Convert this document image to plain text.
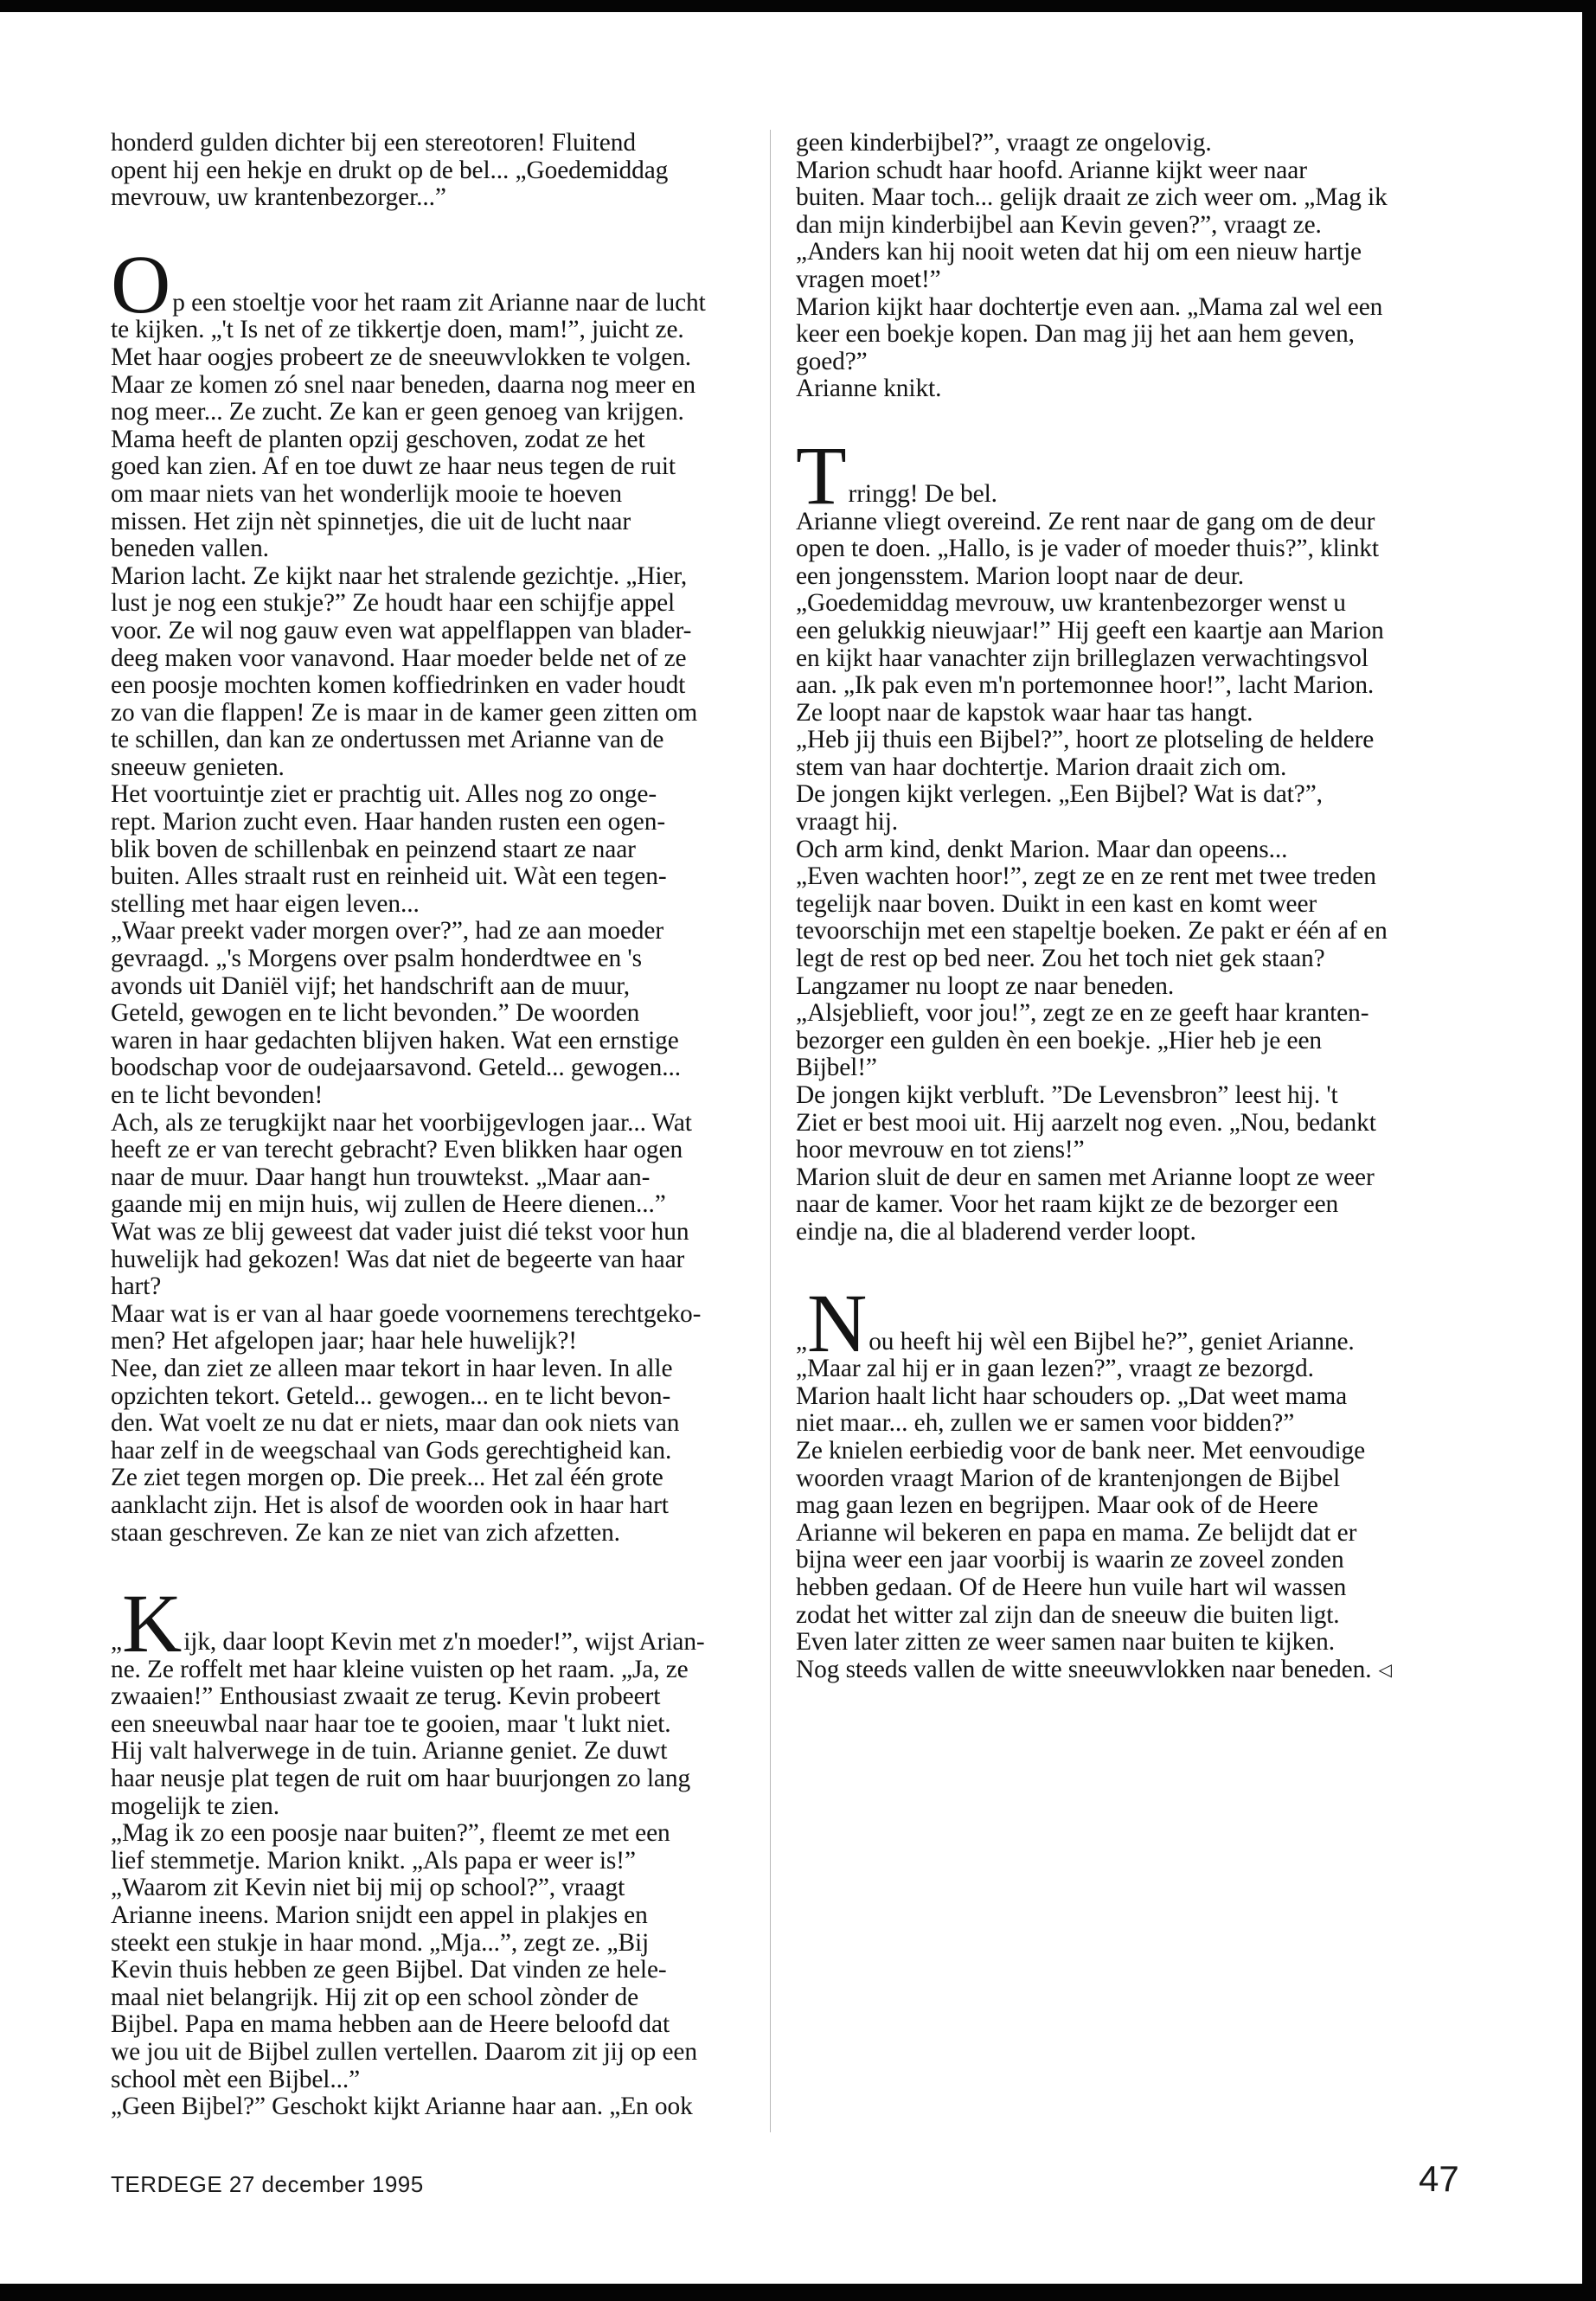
honderd gulden dichter bij een stereotoren! Fluitend
opent hij een hekje en drukt op de bel... „Goedemiddag
mevrouw, uw krantenbezorger...”
Op een stoeltje voor het raam zit Arianne naar de lucht
te kijken. „'t Is net of ze tikkertje doen, mam!”, juicht ze.
Met haar oogjes probeert ze de sneeuwvlokken te volgen.
Maar ze komen zó snel naar beneden, daarna nog meer en
nog meer... Ze zucht. Ze kan er geen genoeg van krijgen.
Mama heeft de planten opzij geschoven, zodat ze het
goed kan zien. Af en toe duwt ze haar neus tegen de ruit
om maar niets van het wonderlijk mooie te hoeven
missen. Het zijn nèt spinnetjes, die uit de lucht naar
beneden vallen.
Marion lacht. Ze kijkt naar het stralende gezichtje. „Hier,
lust je nog een stukje?” Ze houdt haar een schijfje appel
voor. Ze wil nog gauw even wat appelflappen van blader-
deeg maken voor vanavond. Haar moeder belde net of ze
een poosje mochten komen koffiedrinken en vader houdt
zo van die flappen! Ze is maar in de kamer geen zitten om
te schillen, dan kan ze ondertussen met Arianne van de
sneeuw genieten.
Het voortuintje ziet er prachtig uit. Alles nog zo onge-
rept. Marion zucht even. Haar handen rusten een ogen-
blik boven de schillenbak en peinzend staart ze naar
buiten. Alles straalt rust en reinheid uit. Wàt een tegen-
stelling met haar eigen leven...
„Waar preekt vader morgen over?”, had ze aan moeder
gevraagd. „'s Morgens over psalm honderdtwee en 's
avonds uit Daniël vijf; het handschrift aan de muur,
Geteld, gewogen en te licht bevonden.” De woorden
waren in haar gedachten blijven haken. Wat een ernstige
boodschap voor de oudejaarsavond. Geteld... gewogen...
en te licht bevonden!
Ach, als ze terugkijkt naar het voorbijgevlogen jaar... Wat
heeft ze er van terecht gebracht? Even blikken haar ogen
naar de muur. Daar hangt hun trouwtekst. „Maar aan-
gaande mij en mijn huis, wij zullen de Heere dienen...”
Wat was ze blij geweest dat vader juist dié tekst voor hun
huwelijk had gekozen! Was dat niet de begeerte van haar
hart?
Maar wat is er van al haar goede voornemens terechtgeko-
men? Het afgelopen jaar; haar hele huwelijk?!
Nee, dan ziet ze alleen maar tekort in haar leven. In alle
opzichten tekort. Geteld... gewogen... en te licht bevon-
den. Wat voelt ze nu dat er niets, maar dan ook niets van
haar zelf in de weegschaal van Gods gerechtigheid kan.
Ze ziet tegen morgen op. Die preek... Het zal één grote
aanklacht zijn. Het is alsof de woorden ook in haar hart
staan geschreven. Ze kan ze niet van zich afzetten.
„Kijk, daar loopt Kevin met z'n moeder!”, wijst Arian-
ne. Ze roffelt met haar kleine vuisten op het raam. „Ja, ze
zwaaien!” Enthousiast zwaait ze terug. Kevin probeert
een sneeuwbal naar haar toe te gooien, maar 't lukt niet.
Hij valt halverwege in de tuin. Arianne geniet. Ze duwt
haar neusje plat tegen de ruit om haar buurjongen zo lang
mogelijk te zien.
„Mag ik zo een poosje naar buiten?”, fleemt ze met een
lief stemmetje. Marion knikt. „Als papa er weer is!”
„Waarom zit Kevin niet bij mij op school?”, vraagt
Arianne ineens. Marion snijdt een appel in plakjes en
steekt een stukje in haar mond. „Mja...”, zegt ze. „Bij
Kevin thuis hebben ze geen Bijbel. Dat vinden ze hele-
maal niet belangrijk. Hij zit op een school zònder de
Bijbel. Papa en mama hebben aan de Heere beloofd dat
we jou uit de Bijbel zullen vertellen. Daarom zit jij op een
school mèt een Bijbel...”
„Geen Bijbel?” Geschokt kijkt Arianne haar aan. „En ook
geen kinderbijbel?”, vraagt ze ongelovig.
Marion schudt haar hoofd. Arianne kijkt weer naar
buiten. Maar toch... gelijk draait ze zich weer om. „Mag ik
dan mijn kinderbijbel aan Kevin geven?”, vraagt ze.
„Anders kan hij nooit weten dat hij om een nieuw hartje
vragen moet!”
Marion kijkt haar dochtertje even aan. „Mama zal wel een
keer een boekje kopen. Dan mag jij het aan hem geven,
goed?”
Arianne knikt.
Trringg! De bel.
Arianne vliegt overeind. Ze rent naar de gang om de deur
open te doen. „Hallo, is je vader of moeder thuis?”, klinkt
een jongensstem. Marion loopt naar de deur.
„Goedemiddag mevrouw, uw krantenbezorger wenst u
een gelukkig nieuwjaar!” Hij geeft een kaartje aan Marion
en kijkt haar vanachter zijn brilleglazen verwachtingsvol
aan. „Ik pak even m'n portemonnee hoor!”, lacht Marion.
Ze loopt naar de kapstok waar haar tas hangt.
„Heb jij thuis een Bijbel?”, hoort ze plotseling de heldere
stem van haar dochtertje. Marion draait zich om.
De jongen kijkt verlegen. „Een Bijbel? Wat is dat?”,
vraagt hij.
Och arm kind, denkt Marion. Maar dan opeens...
„Even wachten hoor!”, zegt ze en ze rent met twee treden
tegelijk naar boven. Duikt in een kast en komt weer
tevoorschijn met een stapeltje boeken. Ze pakt er één af en
legt de rest op bed neer. Zou het toch niet gek staan?
Langzamer nu loopt ze naar beneden.
„Alsjeblieft, voor jou!”, zegt ze en ze geeft haar kranten-
bezorger een gulden èn een boekje. „Hier heb je een
Bijbel!”
De jongen kijkt verbluft. ”De Levensbron” leest hij. 't
Ziet er best mooi uit. Hij aarzelt nog even. „Nou, bedankt
hoor mevrouw en tot ziens!”
Marion sluit de deur en samen met Arianne loopt ze weer
naar de kamer. Voor het raam kijkt ze de bezorger een
eindje na, die al bladerend verder loopt.
„Nou heeft hij wèl een Bijbel he?”, geniet Arianne.
„Maar zal hij er in gaan lezen?”, vraagt ze bezorgd.
Marion haalt licht haar schouders op. „Dat weet mama
niet maar... eh, zullen we er samen voor bidden?”
Ze knielen eerbiedig voor de bank neer. Met eenvoudige
woorden vraagt Marion of de krantenjongen de Bijbel
mag gaan lezen en begrijpen. Maar ook of de Heere
Arianne wil bekeren en papa en mama. Ze belijdt dat er
bijna weer een jaar voorbij is waarin ze zoveel zonden
hebben gedaan. Of de Heere hun vuile hart wil wassen
zodat het witter zal zijn dan de sneeuw die buiten ligt.
Even later zitten ze weer samen naar buiten te kijken.
Nog steeds vallen de witte sneeuwvlokken naar beneden. ◁
TERDEGE 27 december 1995	47
